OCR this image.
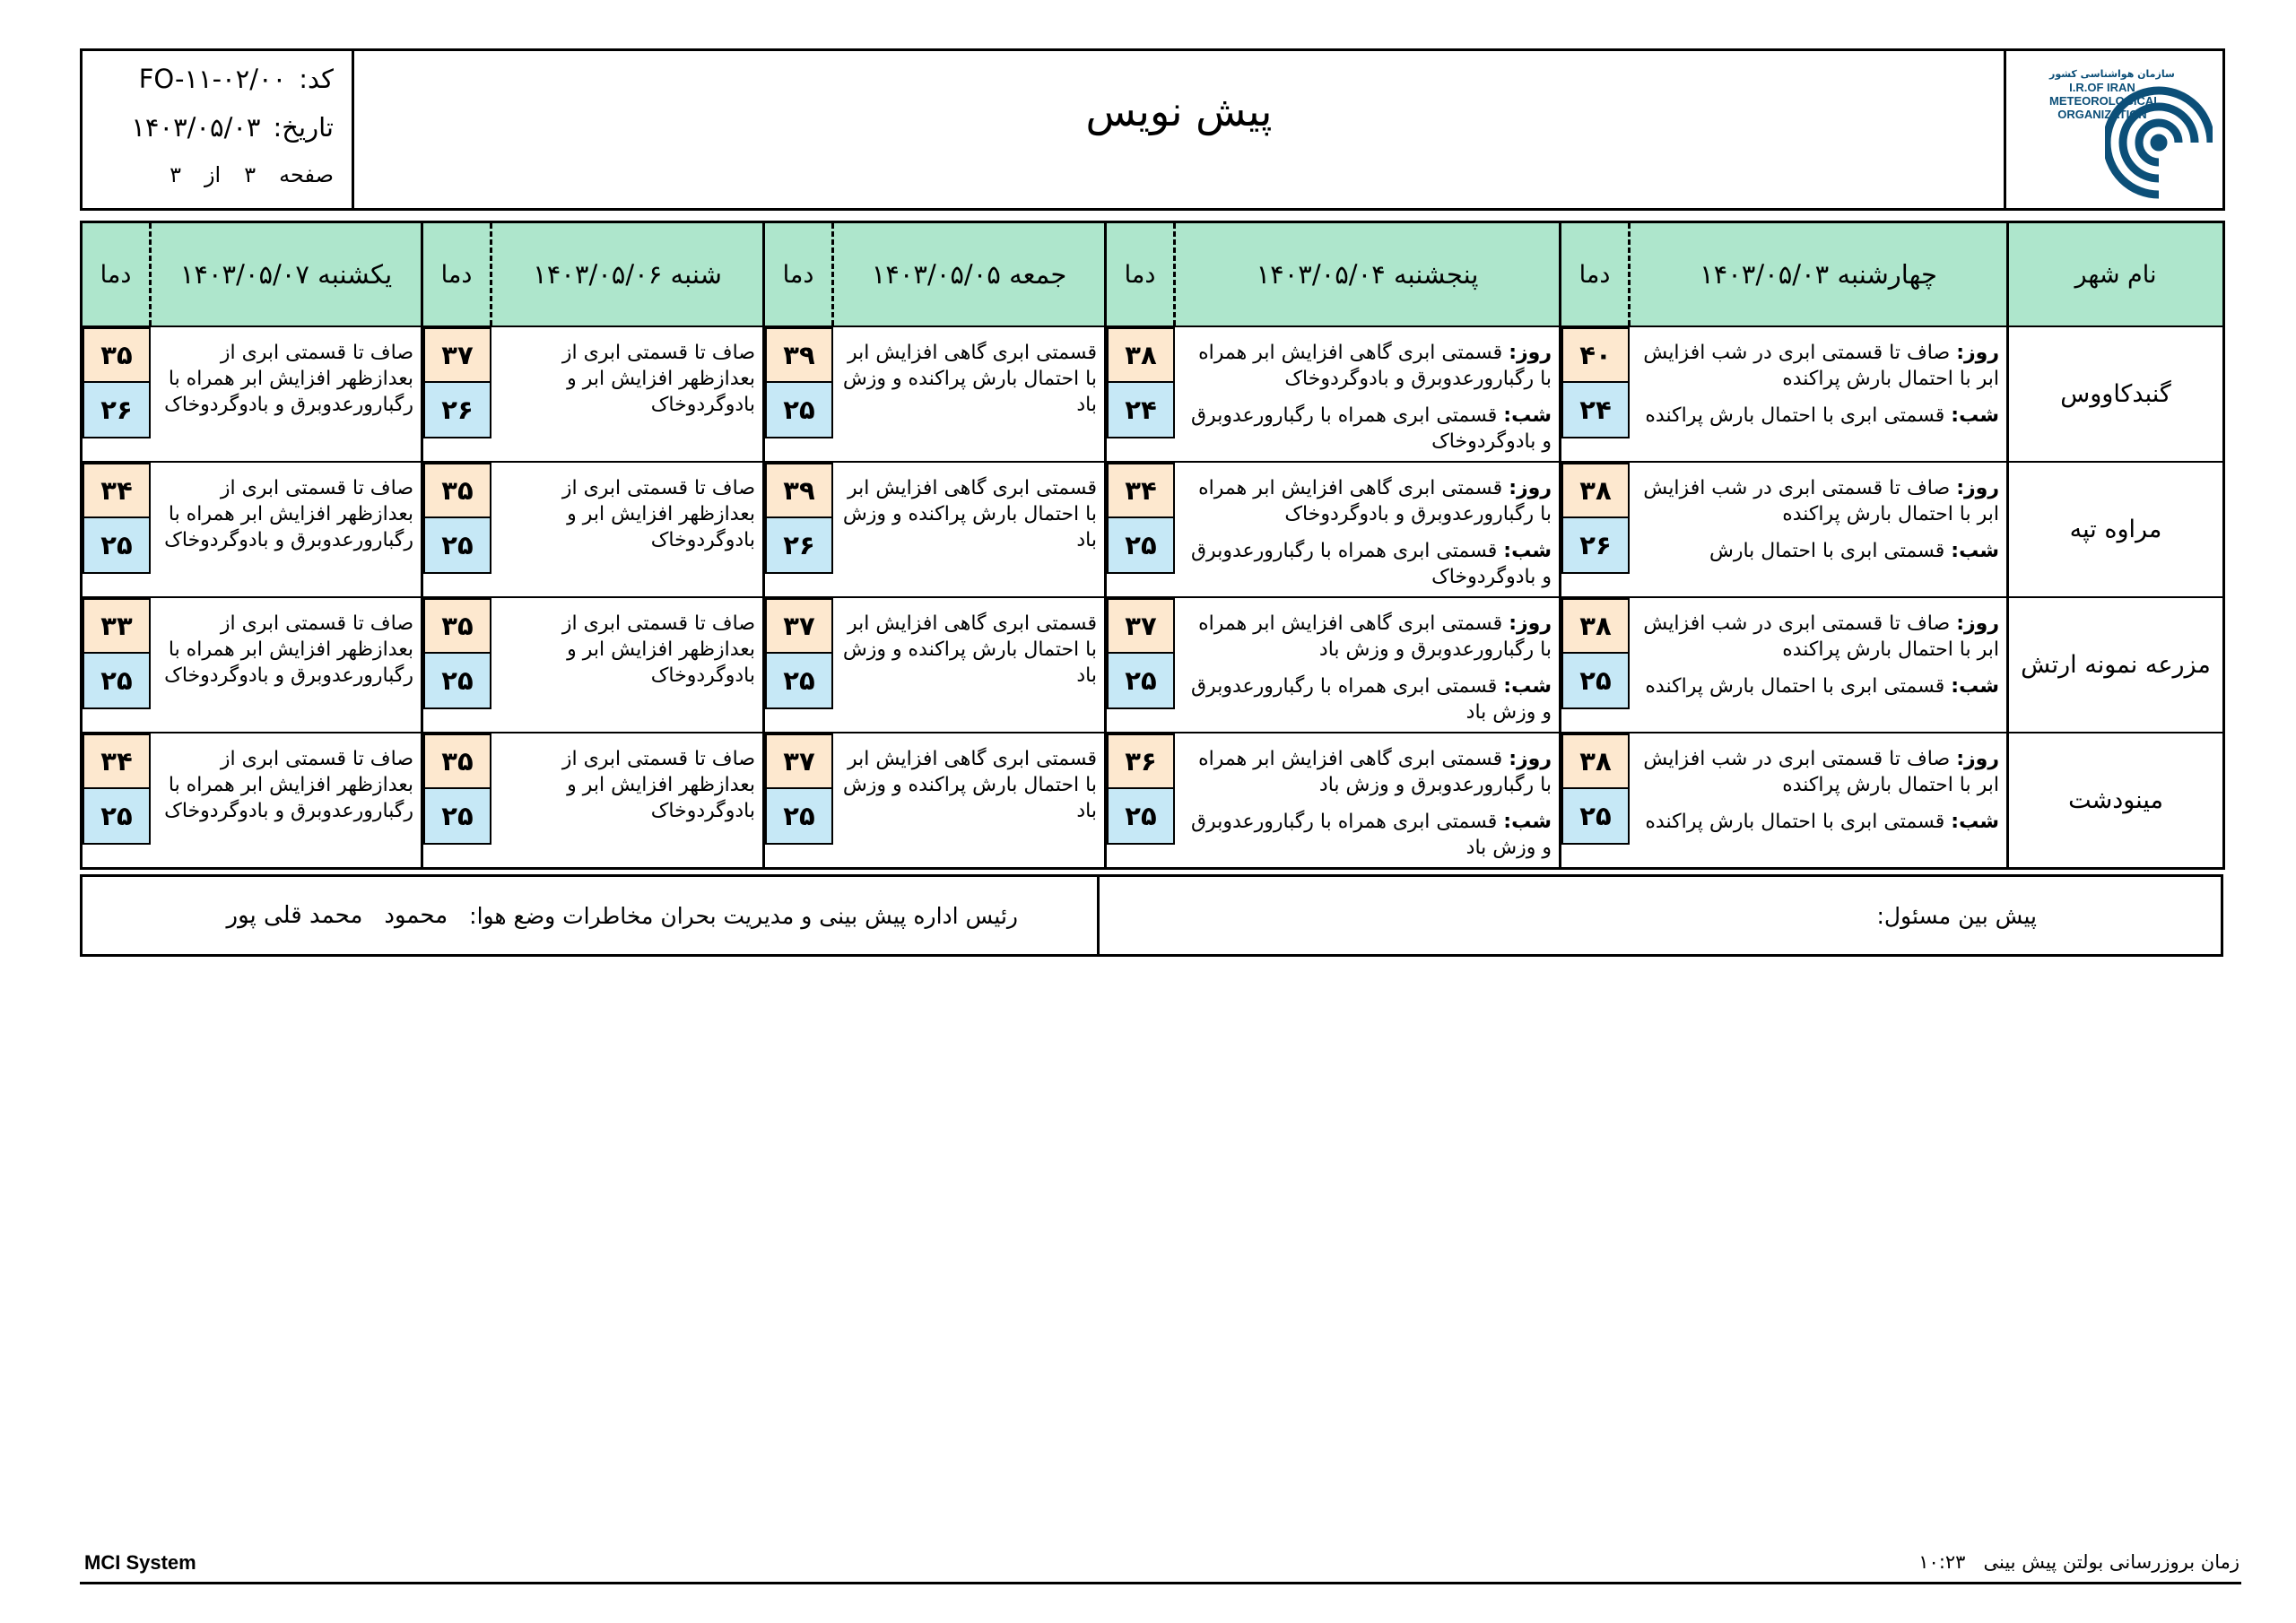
کد:
FO-۱۱-۰۲/۰۰
تاریخ:
۱۴۰۳/۰۵/۰۳
صفحه
۳
از
۳
پیش نویس
سازمان هواشناسی کشور
I.R.OF IRAN
METEOROLOGICAL
ORGANIZATION
نام شهر
چهارشنبه ۱۴۰۳/۰۵/۰۳
دما
پنجشنبه ۱۴۰۳/۰۵/۰۴
دما
جمعه ۱۴۰۳/۰۵/۰۵
دما
شنبه ۱۴۰۳/۰۵/۰۶
دما
یکشنبه ۱۴۰۳/۰۵/۰۷
دما
گنبدکاووس
روز: صاف تا قسمتی ابری در شب افزایش ابر با احتمال بارش پراکنده
شب: قسمتی ابری با احتمال بارش پراکنده
۴۰
۲۴
روز: قسمتی ابری گاهی افزایش ابر همراه با رگبارورعدوبرق و بادوگردوخاک
شب: قسمتی ابری همراه با رگبارورعدوبرق و بادوگردوخاک
۳۸
۲۴
قسمتی ابری گاهی افزایش ابر با احتمال بارش پراکنده و وزش باد
۳۹
۲۵
صاف تا قسمتی ابری از بعدازظهر افزایش ابر و بادوگردوخاک
۳۷
۲۶
صاف تا قسمتی ابری از بعدازظهر افزایش ابر همراه با رگبارورعدوبرق و بادوگردوخاک
۳۵
۲۶
مراوه تپه
روز: صاف تا قسمتی ابری در شب افزایش ابر با احتمال بارش پراکنده
شب: قسمتی ابری با احتمال بارش
۳۸
۲۶
روز: قسمتی ابری گاهی افزایش ابر همراه با رگبارورعدوبرق و بادوگردوخاک
شب: قسمتی ابری همراه با رگبارورعدوبرق و بادوگردوخاک
۳۴
۲۵
قسمتی ابری گاهی افزایش ابر با احتمال بارش پراکنده و وزش باد
۳۹
۲۶
صاف تا قسمتی ابری از بعدازظهر افزایش ابر و بادوگردوخاک
۳۵
۲۵
صاف تا قسمتی ابری از بعدازظهر افزایش ابر همراه با رگبارورعدوبرق و بادوگردوخاک
۳۴
۲۵
مزرعه نمونه ارتش
روز: صاف تا قسمتی ابری در شب افزایش ابر با احتمال بارش پراکنده
شب: قسمتی ابری با احتمال بارش پراکنده
۳۸
۲۵
روز: قسمتی ابری گاهی افزایش ابر همراه با رگبارورعدوبرق و وزش باد
شب: قسمتی ابری همراه با رگبارورعدوبرق و وزش باد
۳۷
۲۵
قسمتی ابری گاهی افزایش ابر با احتمال بارش پراکنده و وزش باد
۳۷
۲۵
صاف تا قسمتی ابری از بعدازظهر افزایش ابر و بادوگردوخاک
۳۵
۲۵
صاف تا قسمتی ابری از بعدازظهر افزایش ابر همراه با رگبارورعدوبرق و بادوگردوخاک
۳۳
۲۵
مینودشت
روز: صاف تا قسمتی ابری در شب افزایش ابر با احتمال بارش پراکنده
شب: قسمتی ابری با احتمال بارش پراکنده
۳۸
۲۵
روز: قسمتی ابری گاهی افزایش ابر همراه با رگبارورعدوبرق و وزش باد
شب: قسمتی ابری همراه با رگبارورعدوبرق و وزش باد
۳۶
۲۵
قسمتی ابری گاهی افزایش ابر با احتمال بارش پراکنده و وزش باد
۳۷
۲۵
صاف تا قسمتی ابری از بعدازظهر افزایش ابر و بادوگردوخاک
۳۵
۲۵
صاف تا قسمتی ابری از بعدازظهر افزایش ابر همراه با رگبارورعدوبرق و بادوگردوخاک
۳۴
۲۵
پیش بین مسئول:
رئیس اداره پیش بینی و مدیریت بحران مخاطرات وضع هوا:
محمود
محمد قلی پور
MCI System	زمان بروزرسانی بولتن پیش بینی   ۱۰:۲۳
